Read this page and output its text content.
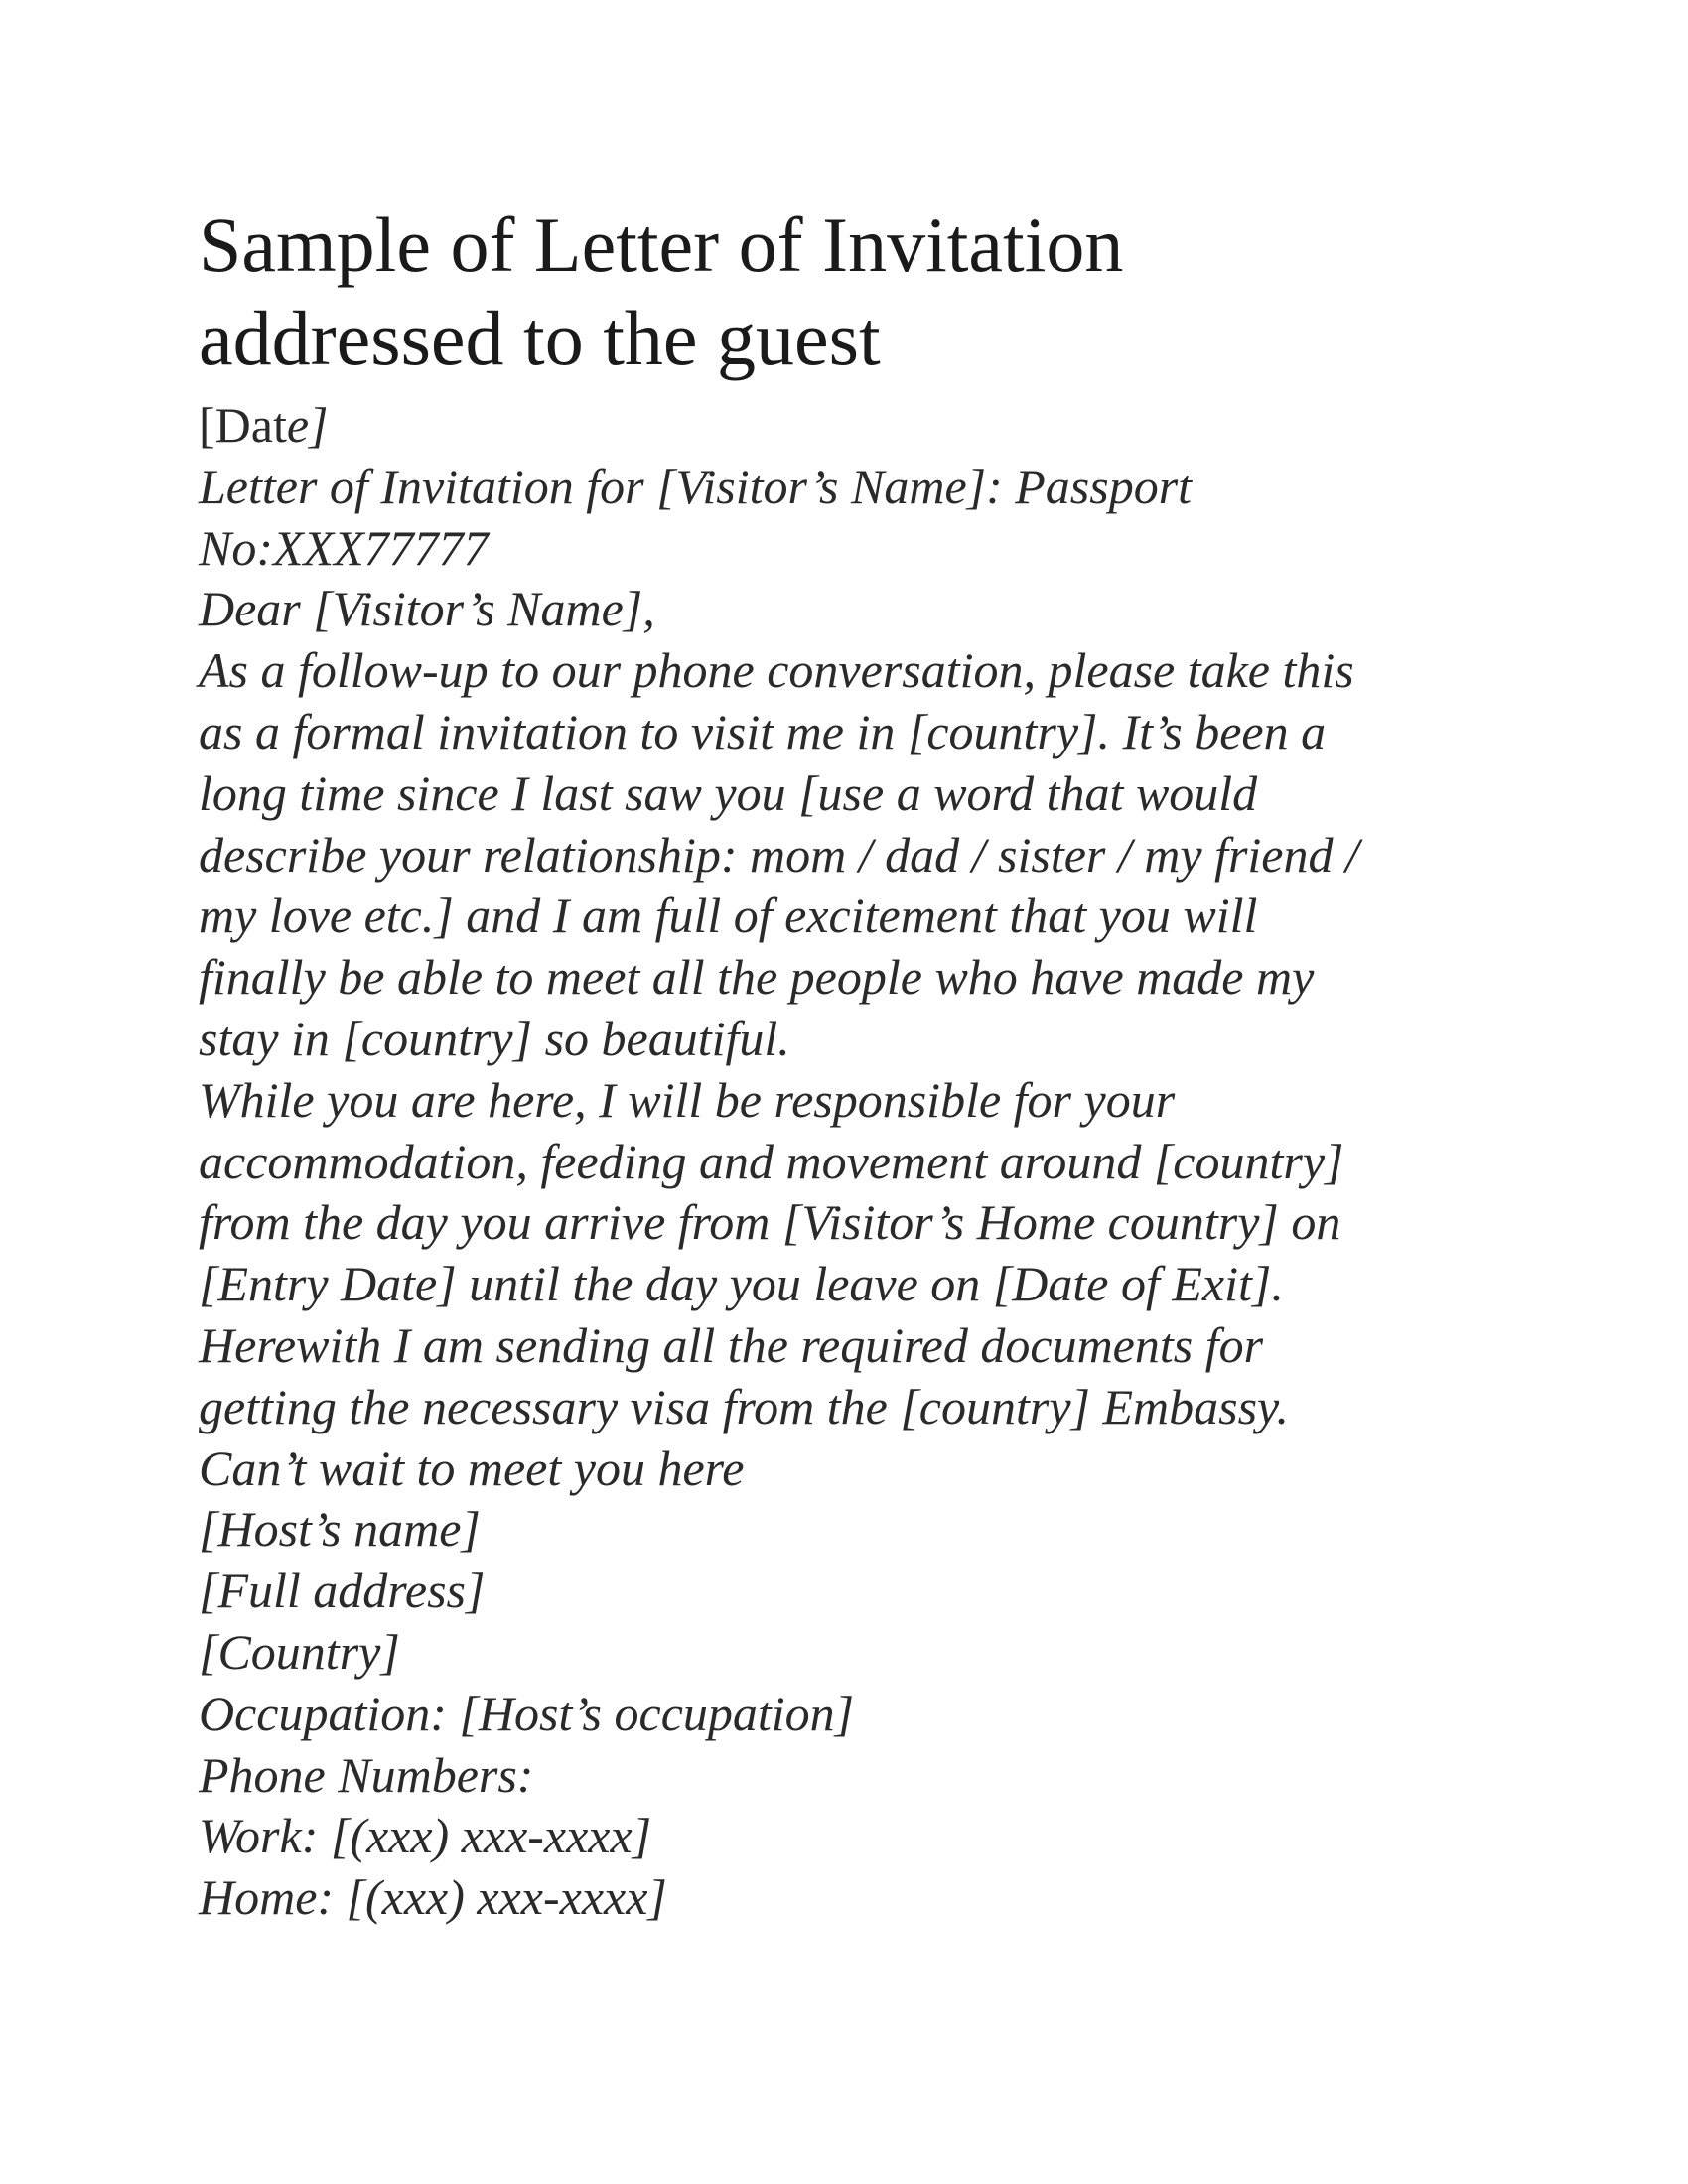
Sample of Letter of Invitation
addressed to the guest
[Date]
Letter of Invitation for [Visitor’s Name]: Passport
No:XXX77777
Dear [Visitor’s Name],
As a follow-up to our phone conversation, please take this
as a formal invitation to visit me in [country]. It’s been a
long time since I last saw you [use a word that would
describe your relationship: mom / dad / sister / my friend /
my love etc.] and I am full of excitement that you will
finally be able to meet all the people who have made my
stay in [country] so beautiful.
While you are here, I will be responsible for your
accommodation, feeding and movement around [country]
from the day you arrive from [Visitor’s Home country] on
[Entry Date] until the day you leave on [Date of Exit].
Herewith I am sending all the required documents for
getting the necessary visa from the [country] Embassy.
Can’t wait to meet you here
[Host’s name]
[Full address]
[Country]
Occupation: [Host’s occupation]
Phone Numbers:
Work: [(xxx) xxx-xxxx]
Home: [(xxx) xxx-xxxx]
